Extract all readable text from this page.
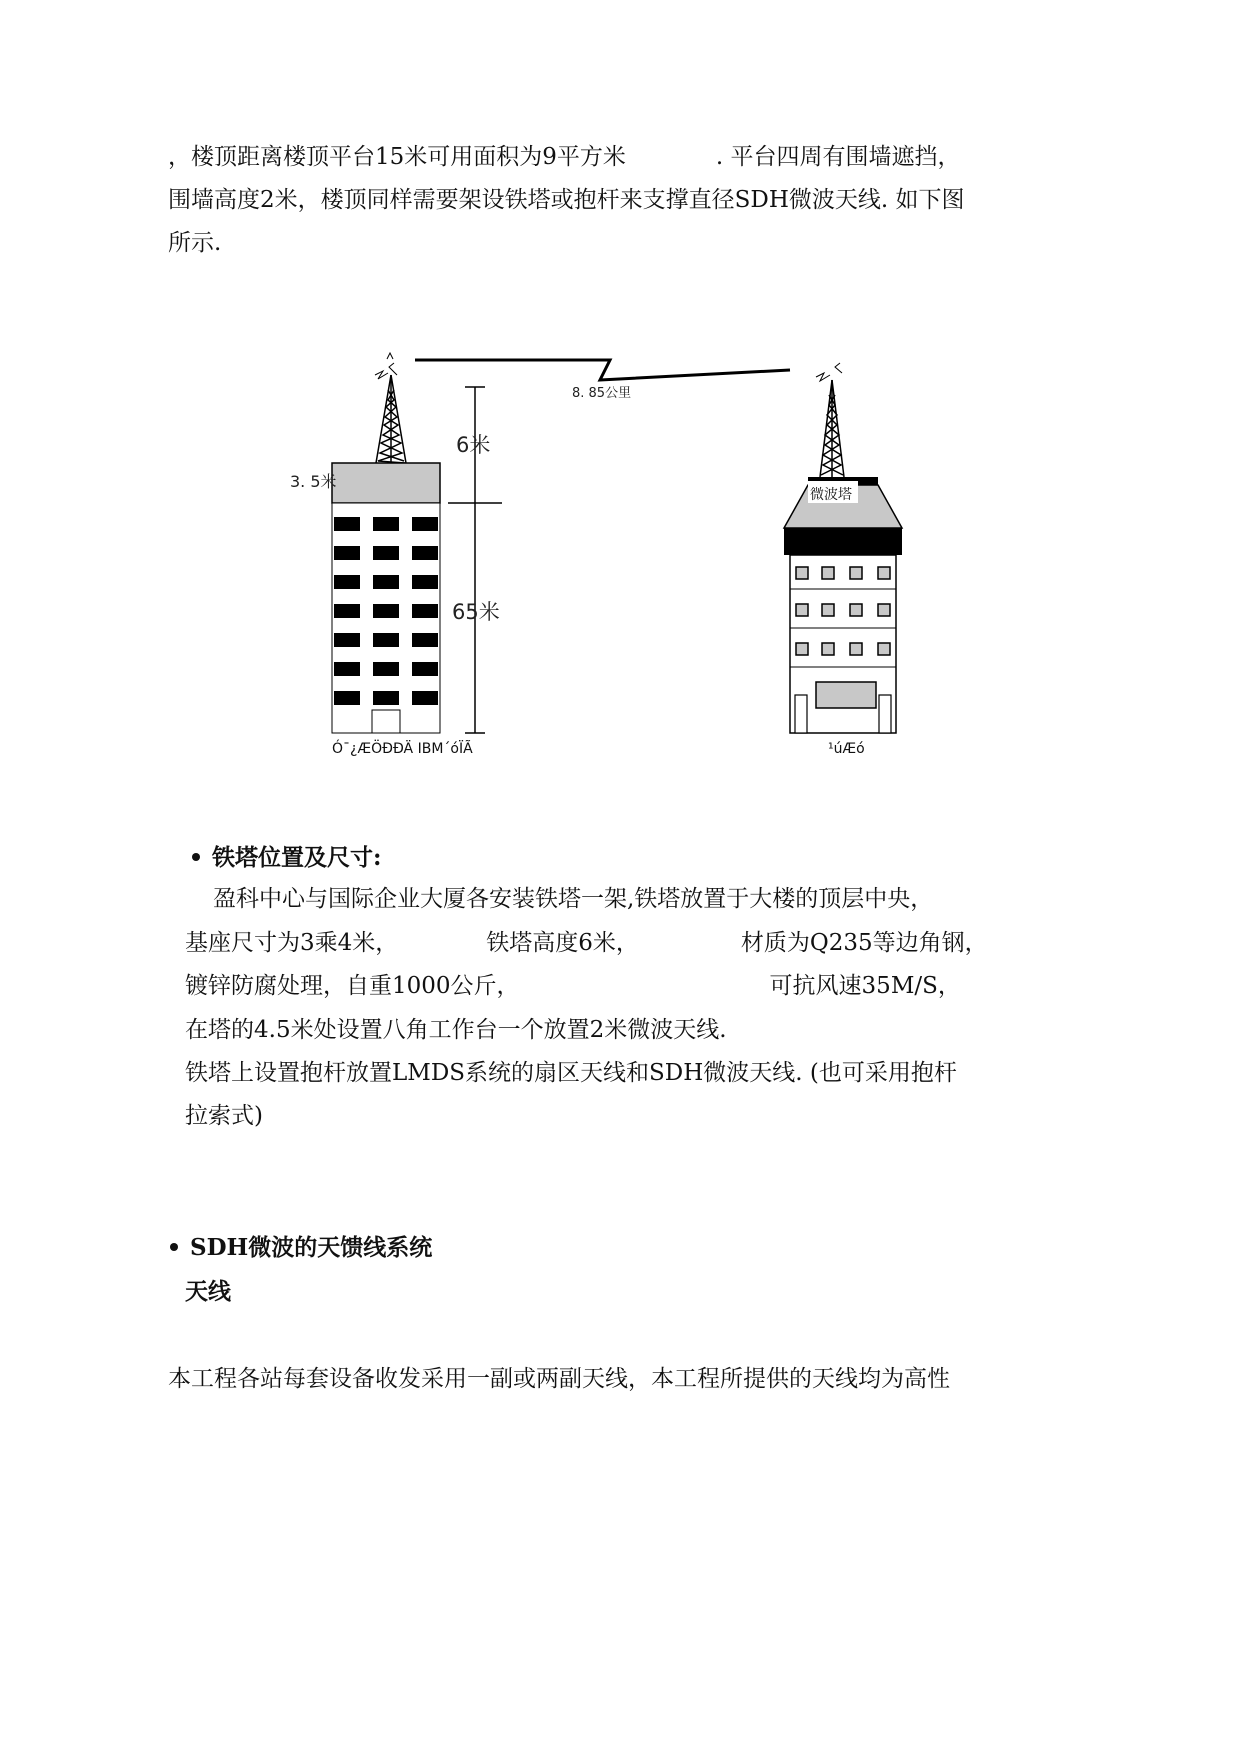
，楼顶距离楼顶平台15米可用面积为9平方米	. 平台四周有围墙遮挡，
围墙高度2米，楼顶同样需要架设铁塔或抱杆来支撑直径SDH微波天线. 如下图
所示.
8. 85公里
3. 5米
Ó¯¿ÆÖÐÐÄ IBM´óÏÃ
6米
65米
微波塔
¹úÆó
铁塔位置及尺寸:
盈科中心与国际企业大厦各安装铁塔一架,铁塔放置于大楼的顶层中央，
基座尺寸为3乘4米，	铁塔高度6米，	材质为Q235等边角钢，
镀锌防腐处理，自重1000公斤，	可抗风速35M/S，
在塔的4.5米处设置八角工作台一个放置2米微波天线.
铁塔上设置抱杆放置LMDS系统的扇区天线和SDH微波天线. (也可采用抱杆
拉索式)
SDH微波的天馈线系统
天线
本工程各站每套设备收发采用一副或两副天线，本工程所提供的天线均为高性
